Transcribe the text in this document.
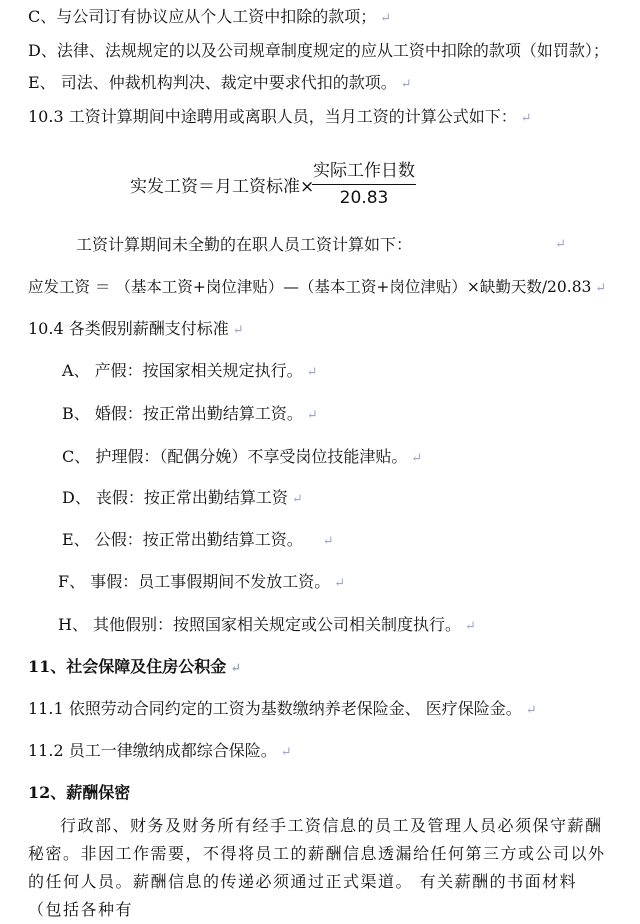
C、与公司订有协议应从个人工资中扣除的款项； ↵
D、法律、法规规定的以及公司规章制度规定的应从工资中扣除的款项（如罚款）；
E、 司法、仲裁机构判决、裁定中要求代扣的款项。 ↵
10.3 工资计算期间中途聘用或离职人员，当月工资的计算公式如下： ↵
实发工资＝月工资标准×
实际工作日数
20.83
工资计算期间未全勤的在职人员工资计算如下：	↵
应发工资 ＝ （基本工资+岗位津贴）—（基本工资+岗位津贴）×缺勤天数/20.83 ↵
10.4 各类假别薪酬支付标准 ↵
A、 产假：按国家相关规定执行。 ↵
B、 婚假：按正常出勤结算工资。 ↵
C、 护理假：（配偶分娩）不享受岗位技能津贴。 ↵
D、 丧假：按正常出勤结算工资 ↵
E、 公假：按正常出勤结算工资。 ↵
F、 事假：员工事假期间不发放工资。 ↵
H、 其他假别：按照国家相关规定或公司相关制度执行。 ↵
11、社会保障及住房公积金 ↵
11.1 依照劳动合同约定的工资为基数缴纳养老保险金、 医疗保险金。 ↵
11.2 员工一律缴纳成都综合保险。 ↵
12、薪酬保密
行政部、财务及财务所有经手工资信息的员工及管理人员必须保守薪酬秘密。非因工作需要，不得将员工的薪酬信息透漏给任何第三方或公司以外的任何人员。薪酬信息的传递必须通过正式渠道。 有关薪酬的书面材料（包括各种有
